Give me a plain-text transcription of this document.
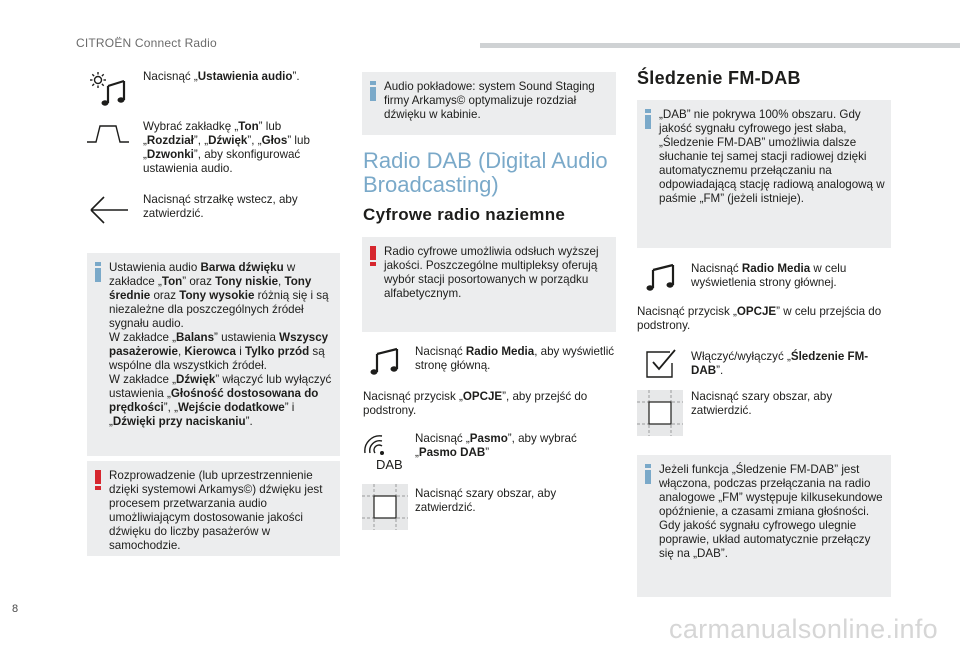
CITROËN Connect Radio
Nacisnąć „Ustawienia audio”.
Wybrać zakładkę „Ton” lub „Rozdział”, „Dźwięk”, „Głos” lub „Dzwonki”, aby skonfigurować ustawienia audio.
Nacisnąć strzałkę wstecz, aby zatwierdzić.
Ustawienia audio Barwa dźwięku w zakładce „Ton” oraz Tony niskie, Tony średnie oraz Tony wysokie różnią się i są niezależne dla poszczególnych źródeł sygnału audio.
W zakładce „Balans” ustawienia Wszyscy pasażerowie, Kierowca i Tylko przód są wspólne dla wszystkich źródeł.
W zakładce „Dźwięk” włączyć lub wyłączyć ustawienia „Głośność dostosowana do prędkości”, „Wejście dodatkowe” i „Dźwięki przy naciskaniu”.
Rozprowadzenie (lub uprzestrzennienie dzięki systemowi Arkamys©) dźwięku jest procesem przetwarzania audio umożliwiającym dostosowanie jakości dźwięku do liczby pasażerów w samochodzie.
Audio pokładowe: system Sound Staging firmy Arkamys© optymalizuje rozdział dźwięku w kabinie.
Radio DAB (Digital Audio Broadcasting)
Cyfrowe radio naziemne
Radio cyfrowe umożliwia odsłuch wyższej jakości. Poszczególne multipleksy oferują wybór stacji posortowanych w porządku alfabetycznym.
Nacisnąć Radio Media, aby wyświetlić stronę główną.
Nacisnąć przycisk „OPCJE”, aby przejść do podstrony.
DAB
Nacisnąć „Pasmo”, aby wybrać „Pasmo DAB”
Nacisnąć szary obszar, aby zatwierdzić.
Śledzenie FM-DAB
„DAB” nie pokrywa 100% obszaru. Gdy jakość sygnału cyfrowego jest słaba, „Śledzenie FM-DAB” umożliwia dalsze słuchanie tej samej stacji radiowej dzięki automatycznemu przełączaniu na odpowiadającą stację radiową analogową w paśmie „FM” (jeżeli istnieje).
Nacisnąć Radio Media w celu wyświetlenia strony głównej.
Nacisnąć przycisk „OPCJE” w celu przejścia do podstrony.
Włączyć/wyłączyć „Śledzenie FM-DAB”.
Nacisnąć szary obszar, aby zatwierdzić.
Jeżeli funkcja „Śledzenie FM-DAB” jest włączona, podczas przełączania na radio analogowe „FM” występuje kilkusekundowe opóźnienie, a czasami zmiana głośności. Gdy jakość sygnału cyfrowego ulegnie poprawie, układ automatycznie przełączy się na „DAB”.
8
carmanualsonline.info
